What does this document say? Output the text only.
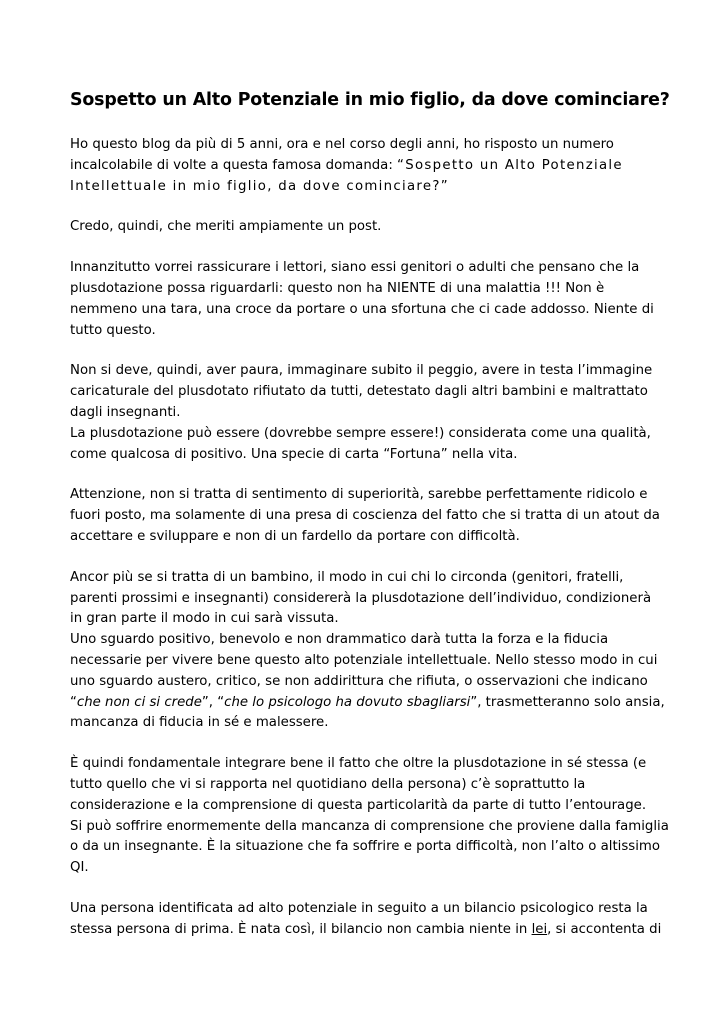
Sospetto un Alto Potenziale in mio figlio, da dove cominciare?

Ho questo blog da più di 5 anni, ora e nel corso degli anni, ho risposto un numero
incalcolabile di volte a questa famosa domanda: “Sospetto un Alto Potenziale
Intellettuale in mio figlio, da dove cominciare?”

Credo, quindi, che meriti ampiamente un post.

Innanzitutto vorrei rassicurare i lettori, siano essi genitori o adulti che pensano che la
plusdotazione possa riguardarli: questo non ha NIENTE di una malattia !!! Non è
nemmeno una tara, una croce da portare o una sfortuna che ci cade addosso. Niente di
tutto questo.

Non si deve, quindi, aver paura, immaginare subito il peggio, avere in testa l’immagine
caricaturale del plusdotato rifiutato da tutti, detestato dagli altri bambini e maltrattato
dagli insegnanti.
La plusdotazione può essere (dovrebbe sempre essere!) considerata come una qualità,
come qualcosa di positivo. Una specie di carta “Fortuna” nella vita.

Attenzione, non si tratta di sentimento di superiorità, sarebbe perfettamente ridicolo e
fuori posto, ma solamente di una presa di coscienza del fatto che si tratta di un atout da
accettare e sviluppare e non di un fardello da portare con difficoltà.

Ancor più se si tratta di un bambino, il modo in cui chi lo circonda (genitori, fratelli,
parenti prossimi e insegnanti) considererà la plusdotazione dell’individuo, condizionerà
in gran parte il modo in cui sarà vissuta.
Uno sguardo positivo, benevolo e non drammatico darà tutta la forza e la fiducia
necessarie per vivere bene questo alto potenziale intellettuale. Nello stesso modo in cui
uno sguardo austero, critico, se non addirittura che rifiuta, o osservazioni che indicano
“che non ci si crede”, “che lo psicologo ha dovuto sbagliarsi”, trasmetteranno solo ansia,
mancanza di fiducia in sé e malessere.

È quindi fondamentale integrare bene il fatto che oltre la plusdotazione in sé stessa (e
tutto quello che vi si rapporta nel quotidiano della persona) c’è soprattutto la
considerazione e la comprensione di questa particolarità da parte di tutto l’entourage.
Si può soffrire enormemente della mancanza di comprensione che proviene dalla famiglia
o da un insegnante. È la situazione che fa soffrire e porta difficoltà, non l’alto o altissimo
QI.

Una persona identificata ad alto potenziale in seguito a un bilancio psicologico resta la
stessa persona di prima. È nata così, il bilancio non cambia niente in lei, si accontenta di
